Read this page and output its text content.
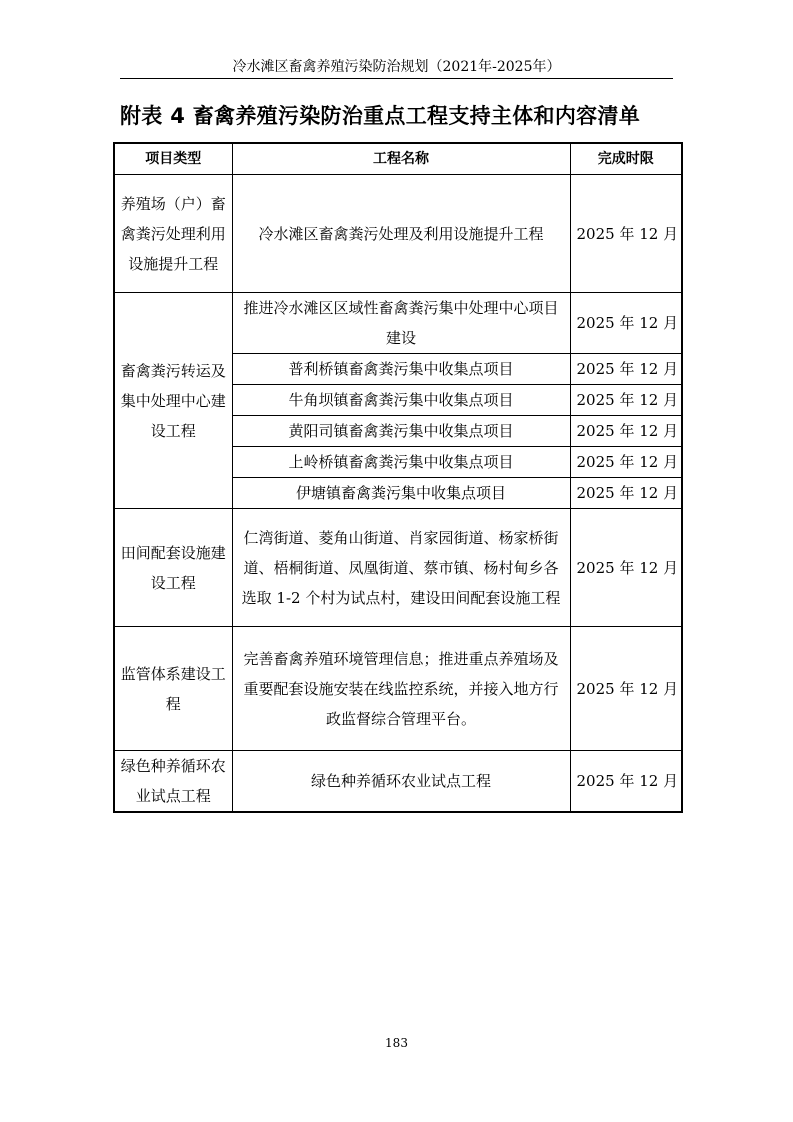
冷水滩区畜禽养殖污染防治规划（2021年-2025年）
附表 4 畜禽养殖污染防治重点工程支持主体和内容清单
项目类型	工程名称	完成时限
养殖场（户）畜禽粪污处理利用设施提升工程	冷水滩区畜禽粪污处理及利用设施提升工程	2025 年 12 月
畜禽粪污转运及集中处理中心建设工程	推进冷水滩区区域性畜禽粪污集中处理中心项目建设	2025 年 12 月
	普利桥镇畜禽粪污集中收集点项目	2025 年 12 月
	牛角坝镇畜禽粪污集中收集点项目	2025 年 12 月
	黄阳司镇畜禽粪污集中收集点项目	2025 年 12 月
	上岭桥镇畜禽粪污集中收集点项目	2025 年 12 月
	伊塘镇畜禽粪污集中收集点项目	2025 年 12 月
田间配套设施建设工程	仁湾街道、菱角山街道、肖家园街道、杨家桥街道、梧桐街道、凤凰街道、蔡市镇、杨村甸乡各选取 1-2 个村为试点村，建设田间配套设施工程	2025 年 12 月
监管体系建设工程	完善畜禽养殖环境管理信息；推进重点养殖场及重要配套设施安装在线监控系统，并接入地方行政监督综合管理平台。	2025 年 12 月
绿色种养循环农业试点工程	绿色种养循环农业试点工程	2025 年 12 月
183
